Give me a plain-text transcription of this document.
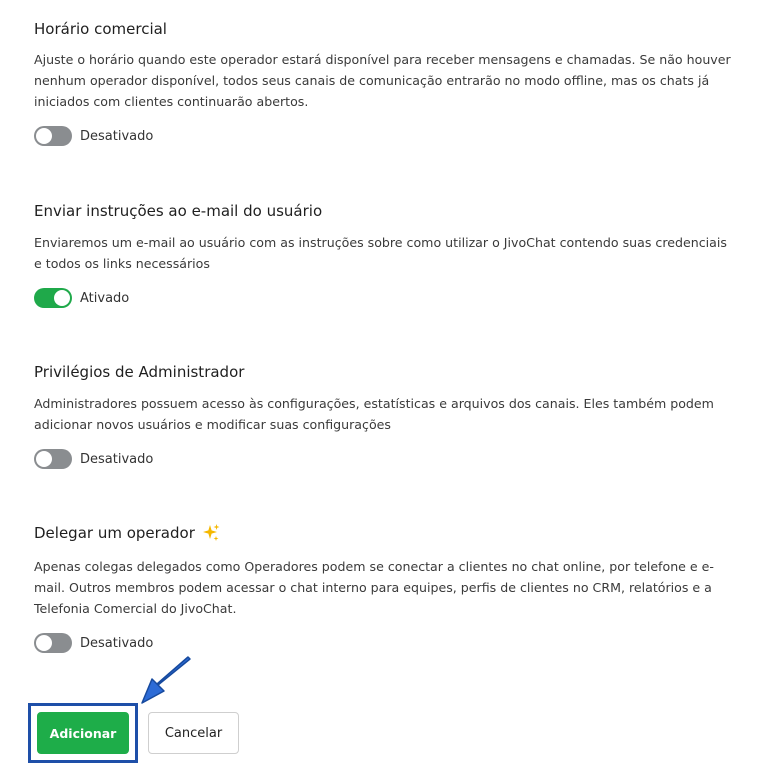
Horário comercial

Ajuste o horário quando este operador estará disponível para receber mensagens e chamadas. Se não houver nenhum operador disponível, todos seus canais de comunicação entrarão no modo offline, mas os chats já iniciados com clientes continuarão abertos.

Desativado
Enviar instruções ao e-mail do usuário

Enviaremos um e-mail ao usuário com as instruções sobre como utilizar o JivoChat contendo suas credenciais e todos os links necessários

Ativado
Privilégios de Administrador

Administradores possuem acesso às configurações, estatísticas e arquivos dos canais. Eles também podem adicionar novos usuários e modificar suas configurações

Desativado
Delegar um operador

Apenas colegas delegados como Operadores podem se conectar a clientes no chat online, por telefone e e-mail. Outros membros podem acessar o chat interno para equipes, perfis de clientes no CRM, relatórios e a Telefonia Comercial do JivoChat.

Desativado
Adicionar	Cancelar
